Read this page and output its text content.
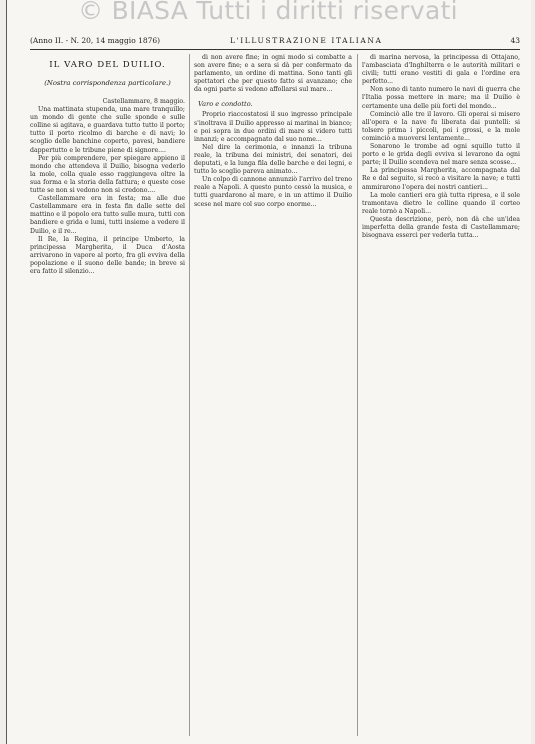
© BIASA Tutti i diritti riservati
(Anno II. - N. 20, 14 maggio 1876)	L'ILLUSTRAZIONE ITALIANA	43
IL VARO DEL DUILIO.
(Nostra corrispondenza particolare.)
Castellammare, 8 maggio.
Una mattinata stupenda, una mare tranquillo; un mondo di gente che sulle sponde e sulle colline si agitava, e guardava tutto tutto il porto; tutto il porto ricolmo di barche e di navi; lo scoglio delle banchine coperto, pavesi, bandiere dappertutto e le tribune piene di signore....
Per più comprendere, per spiegare appieno il mondo che attendeva il Duilio, bisogna vederlo la mole, colla quale esso raggiungeva oltre la sua forma e la storia della fattura; e queste cose tutte se non si vedono non si credono....
Castellammare era in festa; ma alle due Castellammare era in festa fin dalle sette del mattino e il popolo era tutto sulle mura, tutti con bandiere e grida e lumi, tutti insieme a vedere il Duilio, e il re...
Il Re, la Regina, il principe Umberto, la principessa Margherita, il Duca d'Aosta arrivarono in vapore al porto, fra gli evviva della popolazione e il suono delle bande; in breve si era fatto il silenzio...
di non avere fine; in ogni modo si combatte a son avere fine; e a sera si dà per confermato da parlamento, un ordine di mattina. Sono tanti gli spettatori che per questo fatto si avanzano; che da ogni parte si vedono affollarsi sul mare...
Varo e condotto.
Proprio riaccostatosi il suo ingresso principale s'inoltrava il Duilio appresso ai marinai in bianco; e poi sopra in due ordini di mare si videro tutti innanzi; e accompagnato dal suo nome...
Nel dire la cerimonia, e innanzi la tribuna reale, la tribuna dei ministri, dei senatori, dei deputati, e la lunga fila delle barche e dei legni, e tutto lo scoglio pareva animato...
Un colpo di cannone annunziò l'arrivo del treno reale a Napoli. A questo punto cessò la musica, e tutti guardarono al mare, e in un attimo il Duilio scese nel mare col suo corpo enorme...
di marina nervosa, la principessa di Ottajano, l'ambasciata d'Inghilterra e le autorità militari e civili; tutti erano vestiti di gala e l'ordine era perfetto...
Non sono di tanto numero le navi di guerra che l'Italia possa mettere in mare; ma il Duilio è certamente una delle più forti del mondo...
Cominciò alle tre il lavoro. Gli operai si misero all'opera e la nave fu liberata dai puntelli: si tolsero prima i piccoli, poi i grossi, e la mole cominciò a muoversi lentamente...
Sonarono le trombe ad ogni squillo tutto il porto e le grida degli evviva si levarono da ogni parte; il Duilio scendeva nel mare senza scosse...
La principessa Margherita, accompagnata dal Re e dal seguito, si recò a visitare la nave; e tutti ammirarono l'opera dei nostri cantieri...
La mole cantieri era già tutta ripresa, e il sole tramontava dietro le colline quando il corteo reale tornò a Napoli...
Questa descrizione, però, non dà che un'idea imperfetta della grande festa di Castellammare; bisognava esserci per vederla tutta...
